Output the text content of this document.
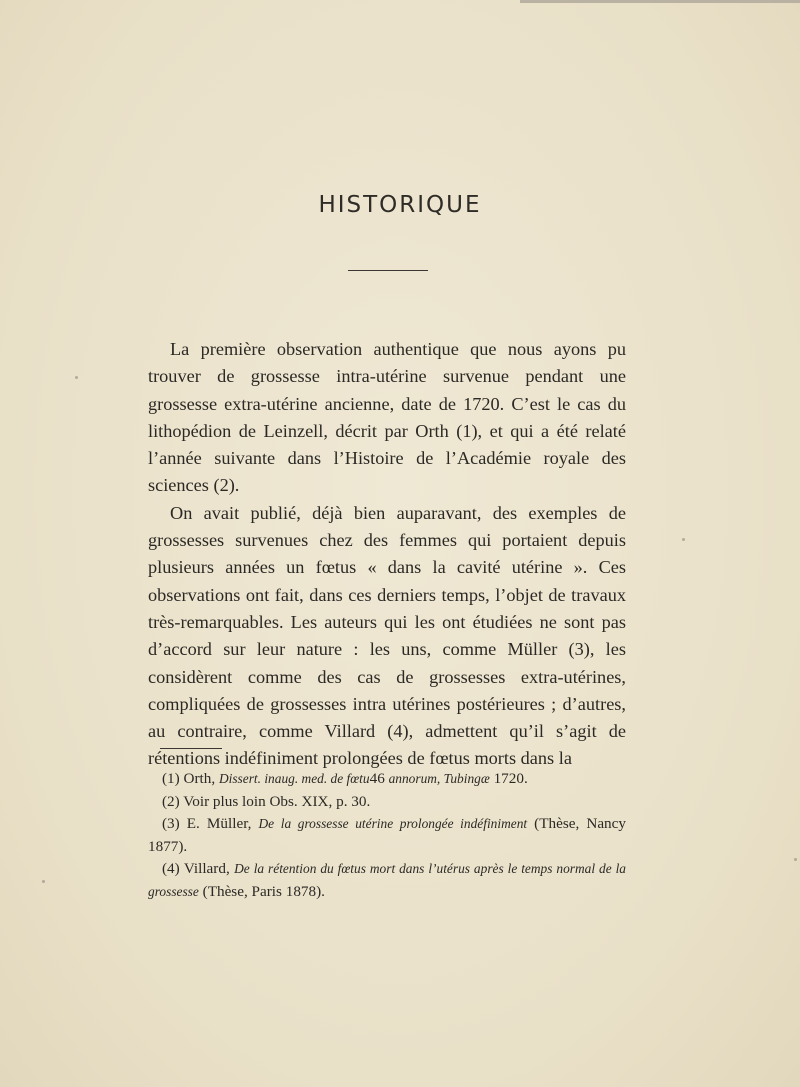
HISTORIQUE

La première observation authentique que nous ayons pu trouver de grossesse intra-utérine survenue pendant une grossesse extra-utérine ancienne, date de 1720. C’est le cas du lithopédion de Leinzell, décrit par Orth (1), et qui a été relaté l’année suivante dans l’Histoire de l’Académie royale des sciences (2).

On avait publié, déjà bien auparavant, des exemples de grossesses survenues chez des femmes qui portaient depuis plusieurs années un fœtus « dans la cavité utérine ». Ces observations ont fait, dans ces derniers temps, l’objet de travaux très-remarquables. Les auteurs qui les ont étudiées ne sont pas d’accord sur leur nature : les uns, comme Müller (3), les considèrent comme des cas de grossesses extra-utérines, compliquées de grossesses intra utérines postérieures ; d’autres, au contraire, comme Villard (4), admettent qu’il s’agit de rétentions indéfiniment prolongées de fœtus morts dans la

(1) Orth, Dissert. inaug. med. de fœtu46 annorum, Tubingæ 1720.

(2) Voir plus loin Obs. XIX, p. 30.

(3) E. Müller, De la grossesse utérine prolongée indéfiniment (Thèse, Nancy 1877).

(4) Villard, De la rétention du fœtus mort dans l’utérus après le temps normal de la grossesse (Thèse, Paris 1878).
